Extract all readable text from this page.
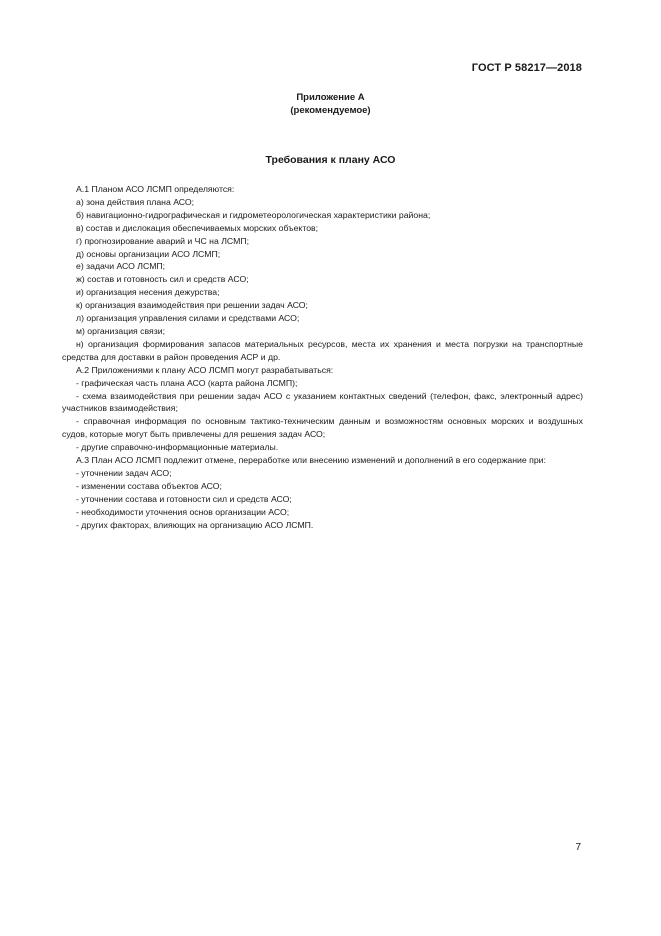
ГОСТ Р 58217—2018
Приложение А
(рекомендуемое)
Требования к плану АСО

А.1 Планом АСО ЛСМП определяются:

а) зона действия плана АСО;

б) навигационно-гидрографическая и гидрометеорологическая характеристики района;

в) состав и дислокация обеспечиваемых морских объектов;

г) прогнозирование аварий и ЧС на ЛСМП;

д) основы организации АСО ЛСМП;

е) задачи АСО ЛСМП;

ж) состав и готовность сил и средств АСО;

и) организация несения дежурства;

к) организация взаимодействия при решении задач АСО;

л) организация управления силами и средствами АСО;

м) организация связи;

н) организация формирования запасов материальных ресурсов, места их хранения и места погрузки на транспортные средства для доставки в район проведения АСР и др.

А.2 Приложениями к плану АСО ЛСМП могут разрабатываться:

- графическая часть плана АСО (карта района ЛСМП);

- схема взаимодействия при решении задач АСО с указанием контактных сведений (телефон, факс, электронный адрес) участников взаимодействия;

- справочная информация по основным тактико-техническим данным и возможностям основных морских и воздушных судов, которые могут быть привлечены для решения задач АСО;

- другие справочно-информационные материалы.

А.3 План АСО ЛСМП подлежит отмене, переработке или внесению изменений и дополнений в его содержание при:

- уточнении задач АСО;

- изменении состава объектов АСО;

- уточнении состава и готовности сил и средств АСО;

- необходимости уточнения основ организации АСО;

- других факторах, влияющих на организацию АСО ЛСМП.

7
